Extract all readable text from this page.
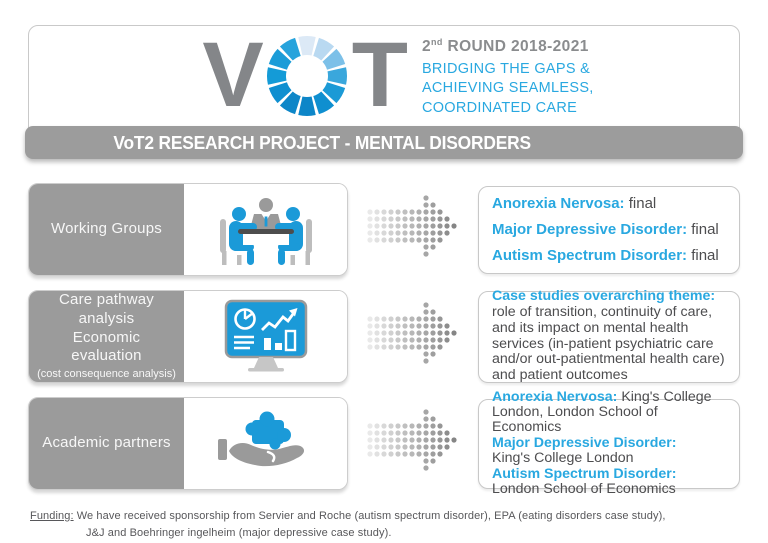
V T 2nd ROUND 2018-2021
BRIDGING THE GAPS &
ACHIEVING SEAMLESS,
COORDINATED CARE
VoT2 RESEARCH PROJECT - MENTAL DISORDERS
Working Groups

Anorexia Nervosa: final

Major Depressive Disorder: final

Autism Spectrum Disorder: final

Care pathway
analysis
Economic
evaluation
(cost consequence analysis)

Case studies overarching theme:
role of transition, continuity of care, and its impact on mental health services (in-patient psychiatric care and/or out-patientmental health care) and patient outcomes

Academic partners

Anorexia Nervosa: King's College London, London School of Economics

Major Depressive Disorder:
King's College London

Autism Spectrum Disorder: London School of Economics

Funding: We have received sponsorship from Servier and Roche (autism spectrum disorder), EPA (eating disorders case study),
J&J and Boehringer ingelheim (major depressive case study).
